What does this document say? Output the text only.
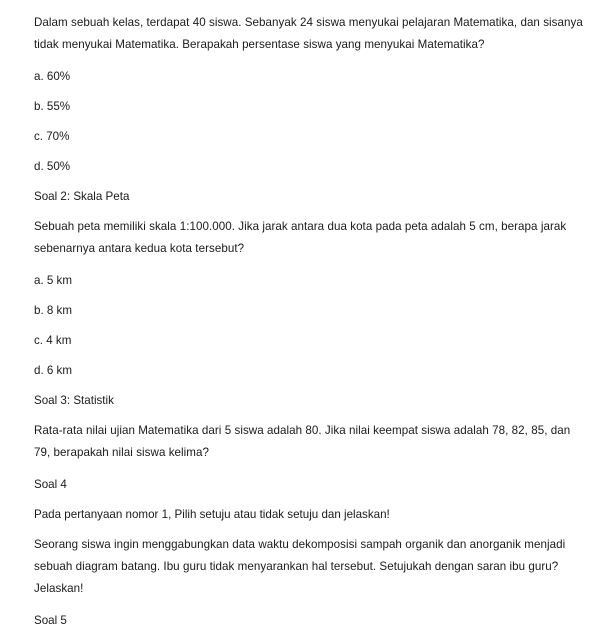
Dalam sebuah kelas, terdapat 40 siswa. Sebanyak 24 siswa menyukai pelajaran Matematika, dan sisanya
tidak menyukai Matematika. Berapakah persentase siswa yang menyukai Matematika?

a. 60%

b. 55%

c. 70%

d. 50%

Soal 2: Skala Peta

Sebuah peta memiliki skala 1:100.000. Jika jarak antara dua kota pada peta adalah 5 cm, berapa jarak
sebenarnya antara kedua kota tersebut?

a. 5 km

b. 8 km

c. 4 km

d. 6 km

Soal 3: Statistik

Rata-rata nilai ujian Matematika dari 5 siswa adalah 80. Jika nilai keempat siswa adalah 78, 82, 85, dan
79, berapakah nilai siswa kelima?

Soal 4

Pada pertanyaan nomor 1, Pilih setuju atau tidak setuju dan jelaskan!

Seorang siswa ingin menggabungkan data waktu dekomposisi sampah organik dan anorganik menjadi
sebuah diagram batang. Ibu guru tidak menyarankan hal tersebut. Setujukah dengan saran ibu guru?
Jelaskan!

Soal 5
